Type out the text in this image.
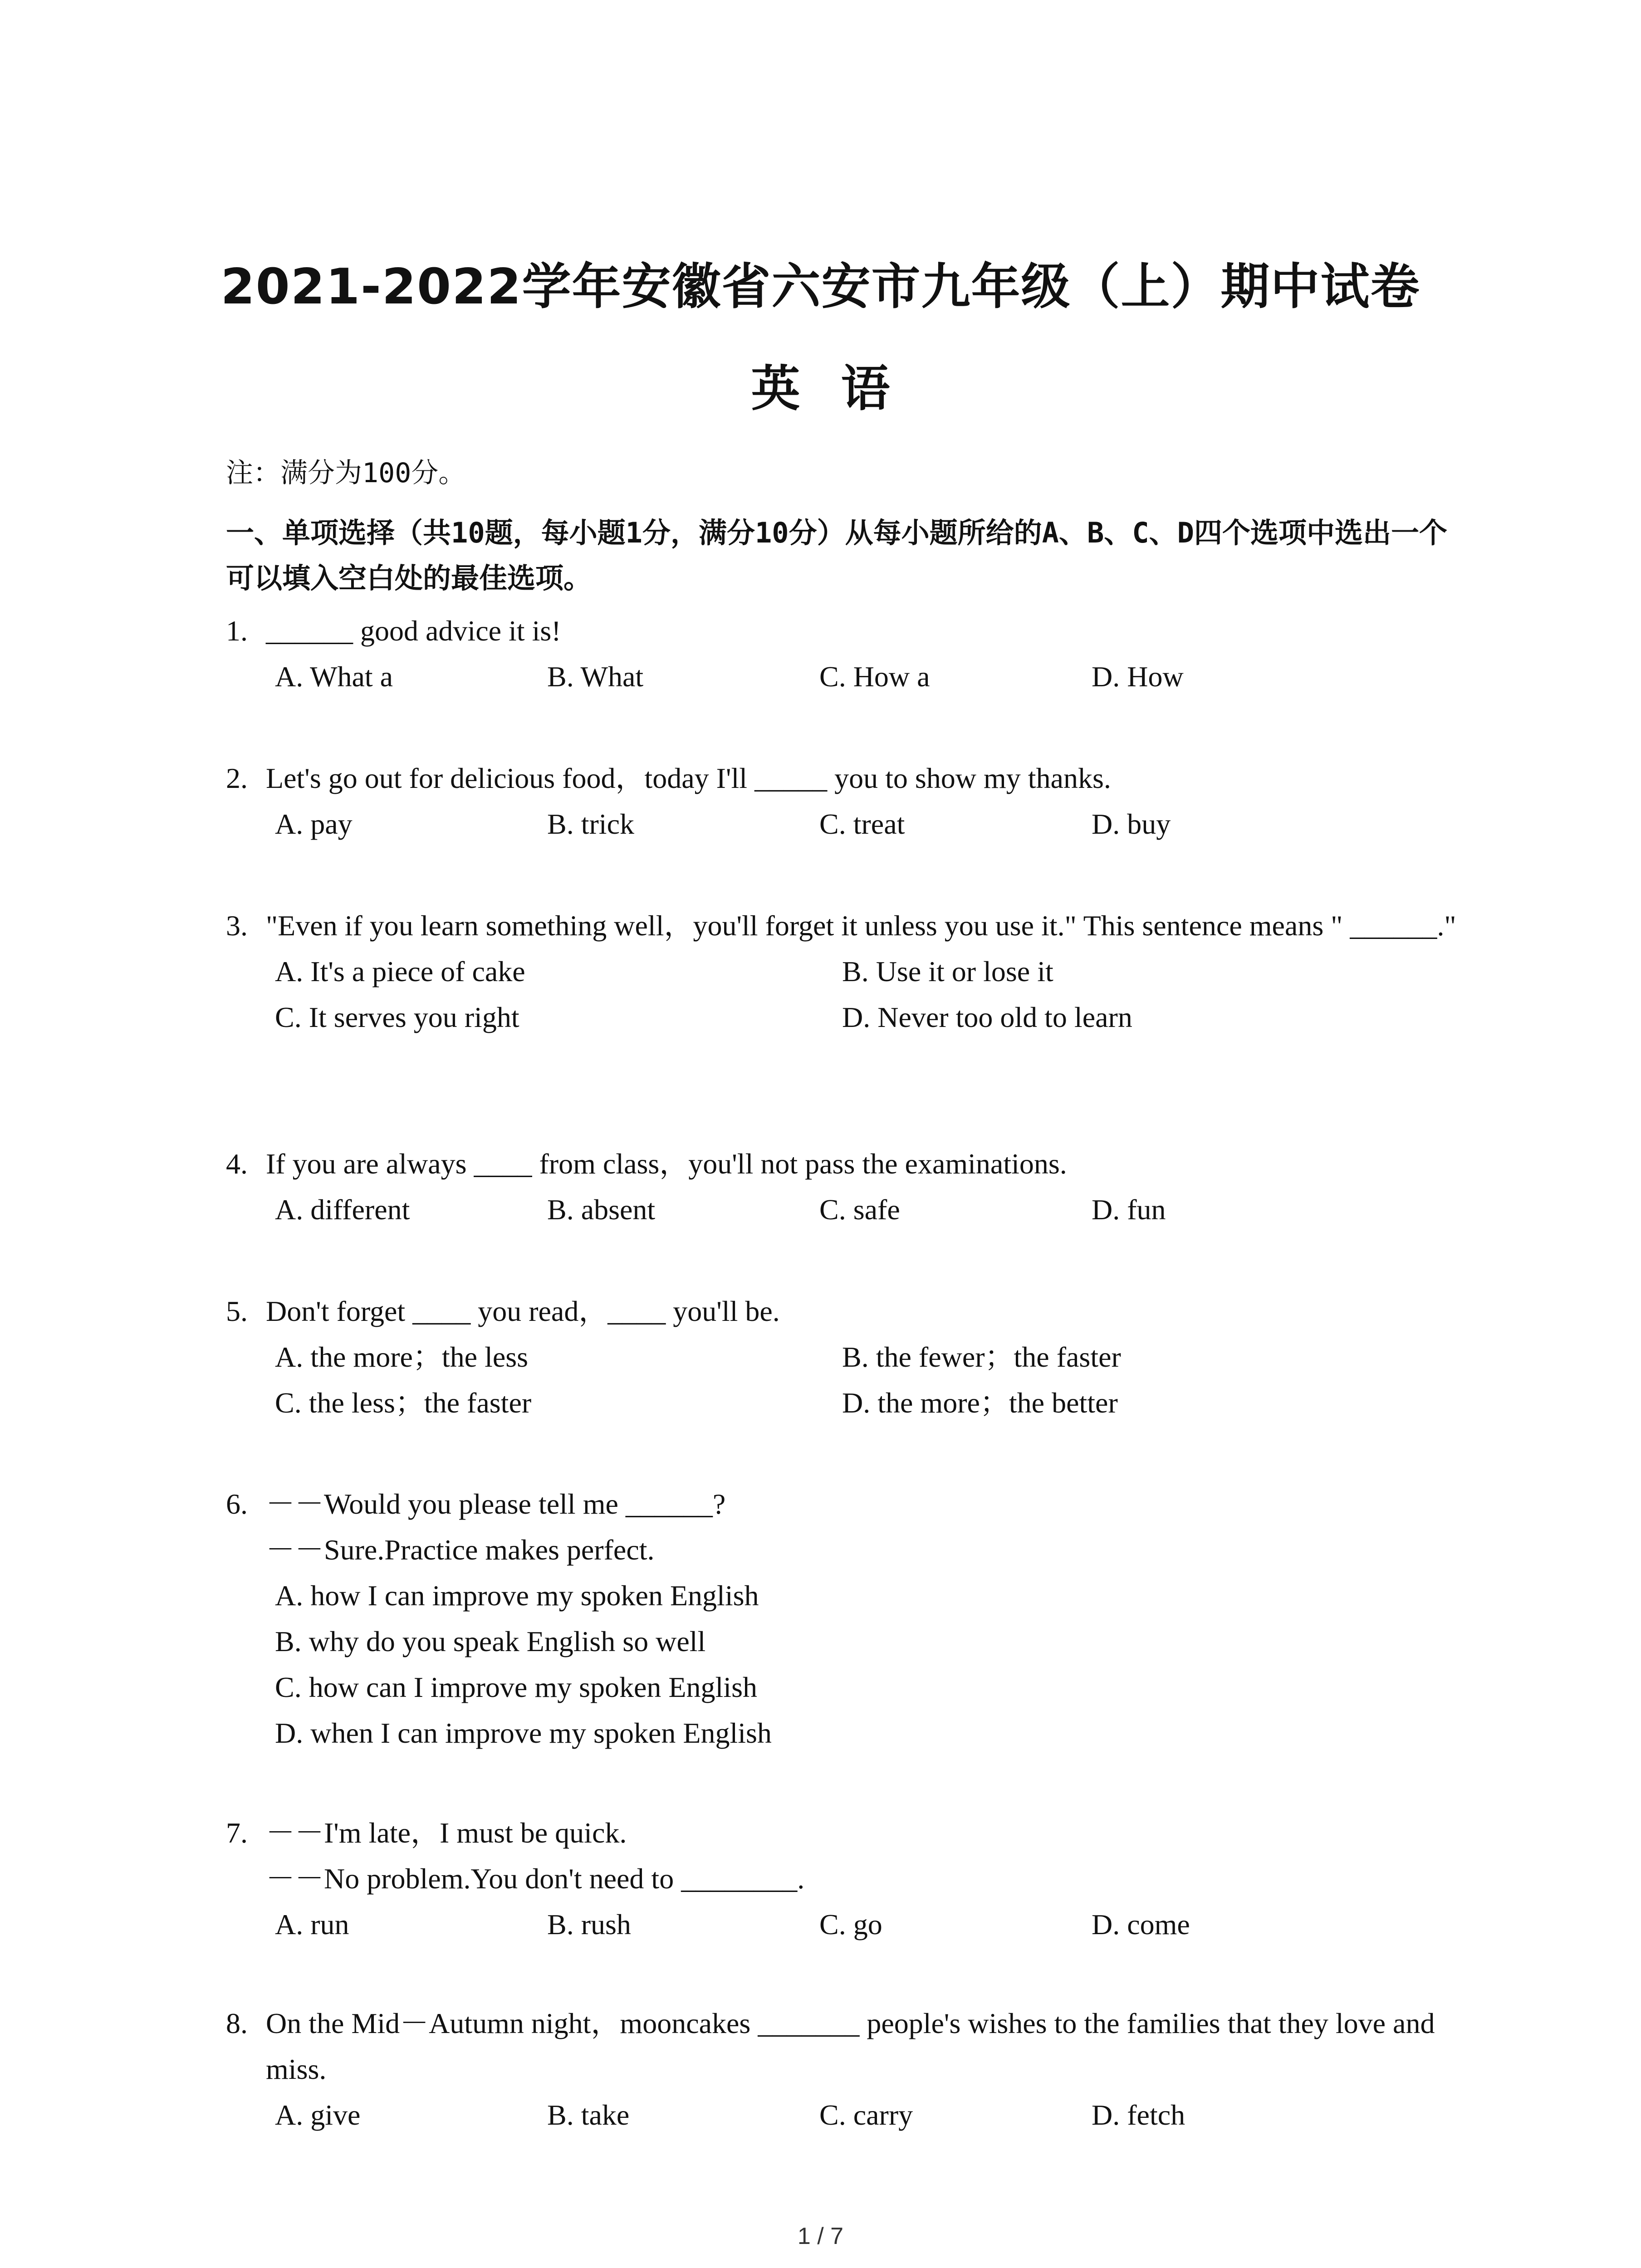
2021-2022学年安徽省六安市九年级（上）期中试卷
英语
注：满分为100分。
一、单项选择（共10题，每小题1分，满分10分）从每小题所给的A、B、C、D四个选项中选出一个可以填入空白处的最佳选项。
1. ______ good advice it is!
A. What a	B. What	C. How a	D. How
2. Let's go out for delicious food，today I'll _____ you to show my thanks.
A. pay	B. trick	C. treat	D. buy
3. "Even if you learn something well，you'll forget it unless you use it." This sentence means " ______."
A. It's a piece of cake	B. Use it or lose it
C. It serves you right	D. Never too old to learn
4. If you are always ____ from class，you'll not pass the examinations.
A. different	B. absent	C. safe	D. fun
5. Don't forget ____ you read，____ you'll be.
A. the more；the less	B. the fewer；the faster
C. the less；the faster	D. the more；the better
6. －－Would you please tell me ______?
－－Sure.Practice makes perfect.
A. how I can improve my spoken English
B. why do you speak English so well
C. how can I improve my spoken English
D. when I can improve my spoken English
7. －－I'm late，I must be quick.
－－No problem.You don't need to ________.
A. run	B. rush	C. go	D. come
8. On the Mid－Autumn night，mooncakes _______ people's wishes to the families that they love and miss.
A. give	B. take	C. carry	D. fetch
1 / 7
